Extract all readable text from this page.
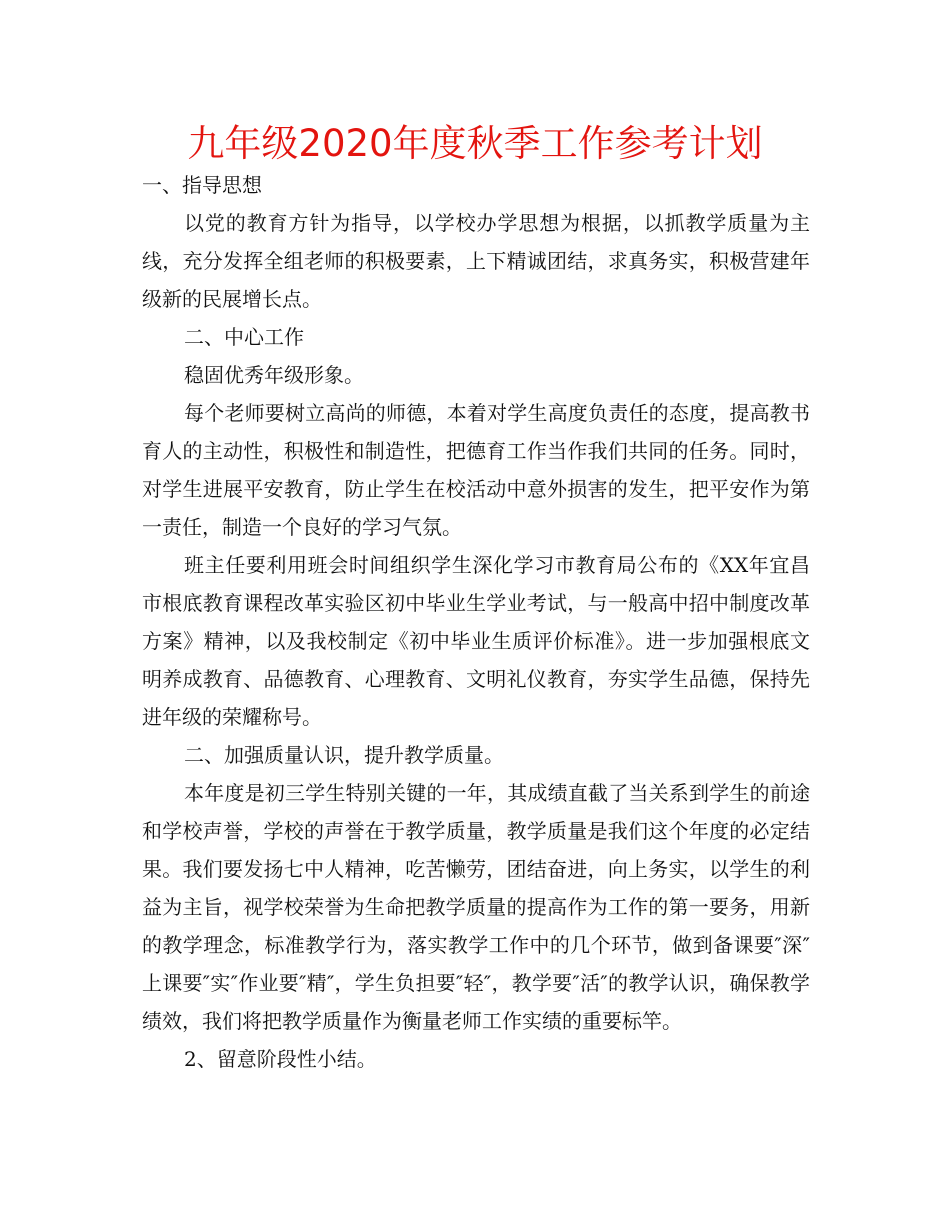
九年级2020年度秋季工作参考计划

一、指导思想

以党的教育方针为指导，以学校办学思想为根据，以抓教学质量为主线，充分发挥全组老师的积极要素，上下精诚团结，求真务实，积极营建年级新的民展增长点。

二、中心工作

稳固优秀年级形象。

每个老师要树立高尚的师德，本着对学生高度负责任的态度，提高教书育人的主动性，积极性和制造性，把德育工作当作我们共同的任务。同时，对学生进展平安教育，防止学生在校活动中意外损害的发生，把平安作为第一责任，制造一个良好的学习气氛。

班主任要利用班会时间组织学生深化学习市教育局公布的《XX年宜昌市根底教育课程改革实验区初中毕业生学业考试，与一般高中招中制度改革方案》精神，以及我校制定《初中毕业生质评价标准》。进一步加强根底文明养成教育、品德教育、心理教育、文明礼仪教育，夯实学生品德，保持先进年级的荣耀称号。

二、加强质量认识，提升教学质量。

本年度是初三学生特别关键的一年，其成绩直截了当关系到学生的前途和学校声誉，学校的声誉在于教学质量，教学质量是我们这个年度的必定结果。我们要发扬七中人精神，吃苦懒劳，团结奋进，向上务实，以学生的利益为主旨，视学校荣誉为生命把教学质量的提高作为工作的第一要务，用新的教学理念，标准教学行为，落实教学工作中的几个环节，做到备课要″深″上课要″实″作业要″精″，学生负担要″轻″，教学要″活″的教学认识，确保教学绩效，我们将把教学质量作为衡量老师工作实绩的重要标竿。

2、留意阶段性小结。
